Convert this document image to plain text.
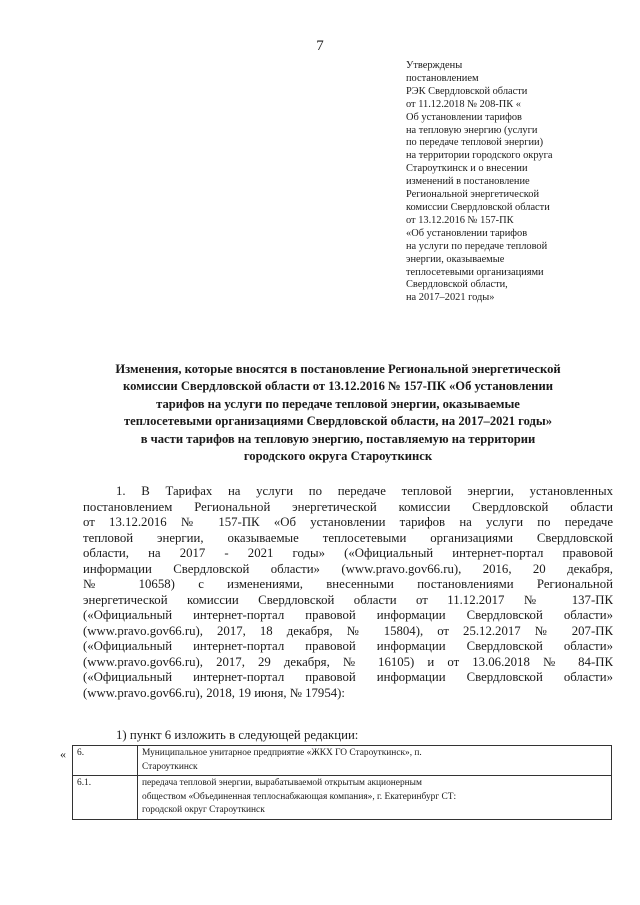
7
Утверждены
постановлением
РЭК Свердловской области
от 11.12.2018 № 208-ПК «
Об установлении тарифов
на тепловую энергию (услуги
по передаче тепловой энергии)
на территории городского округа
Староуткинск и о внесении
изменений в постановление
Региональной энергетической
комиссии Свердловской области
от 13.12.2016 № 157-ПК
«Об установлении тарифов
на услуги по передаче тепловой
энергии, оказываемые
теплосетевыми организациями
Свердловской области,
на 2017–2021 годы»
Изменения, которые вносятся в постановление Региональной энергетической
комиссии Свердловской области от 13.12.2016 № 157-ПК «Об установлении
тарифов на услуги по передаче тепловой энергии, оказываемые
теплосетевыми организациями Свердловской области, на 2017–2021 годы»
в части тарифов на тепловую энергию, поставляемую на территории
городского округа Староуткинск
1. В Тарифах на услуги по передаче тепловой энергии, установленных
постановлением Региональной энергетической комиссии Свердловской области
от 13.12.2016 № 157-ПК «Об установлении тарифов на услуги по передаче
тепловой энергии, оказываемые теплосетевыми организациями Свердловской
области, на 2017 - 2021 годы» («Официальный интернет-портал правовой
информации Свердловской области» (www.pravo.gov66.ru), 2016, 20 декабря,
№ 10658) с изменениями, внесенными постановлениями Региональной
энергетической комиссии Свердловской области от 11.12.2017 № 137-ПК
(«Официальный интернет-портал правовой информации Свердловской области»
(www.pravo.gov66.ru), 2017, 18 декабря, № 15804), от 25.12.2017 № 207-ПК
(«Официальный интернет-портал правовой информации Свердловской области»
(www.pravo.gov66.ru), 2017, 29 декабря, № 16105) и от 13.06.2018 № 84-ПК
(«Официальный интернет-портал правовой информации Свердловской области»
(www.pravo.gov66.ru), 2018, 19 июня, № 17954):
1) пункт 6 изложить в следующей редакции:
« 6.	Муниципальное унитарное предприятие «ЖКХ ГО Староуткинск», п.
Староуткинск

6.1.	передача тепловой энергии, вырабатываемой открытым акционерным
обществом «Объединенная теплоснабжающая компания», г. Екатеринбург СТ:
городской округ Староуткинск
